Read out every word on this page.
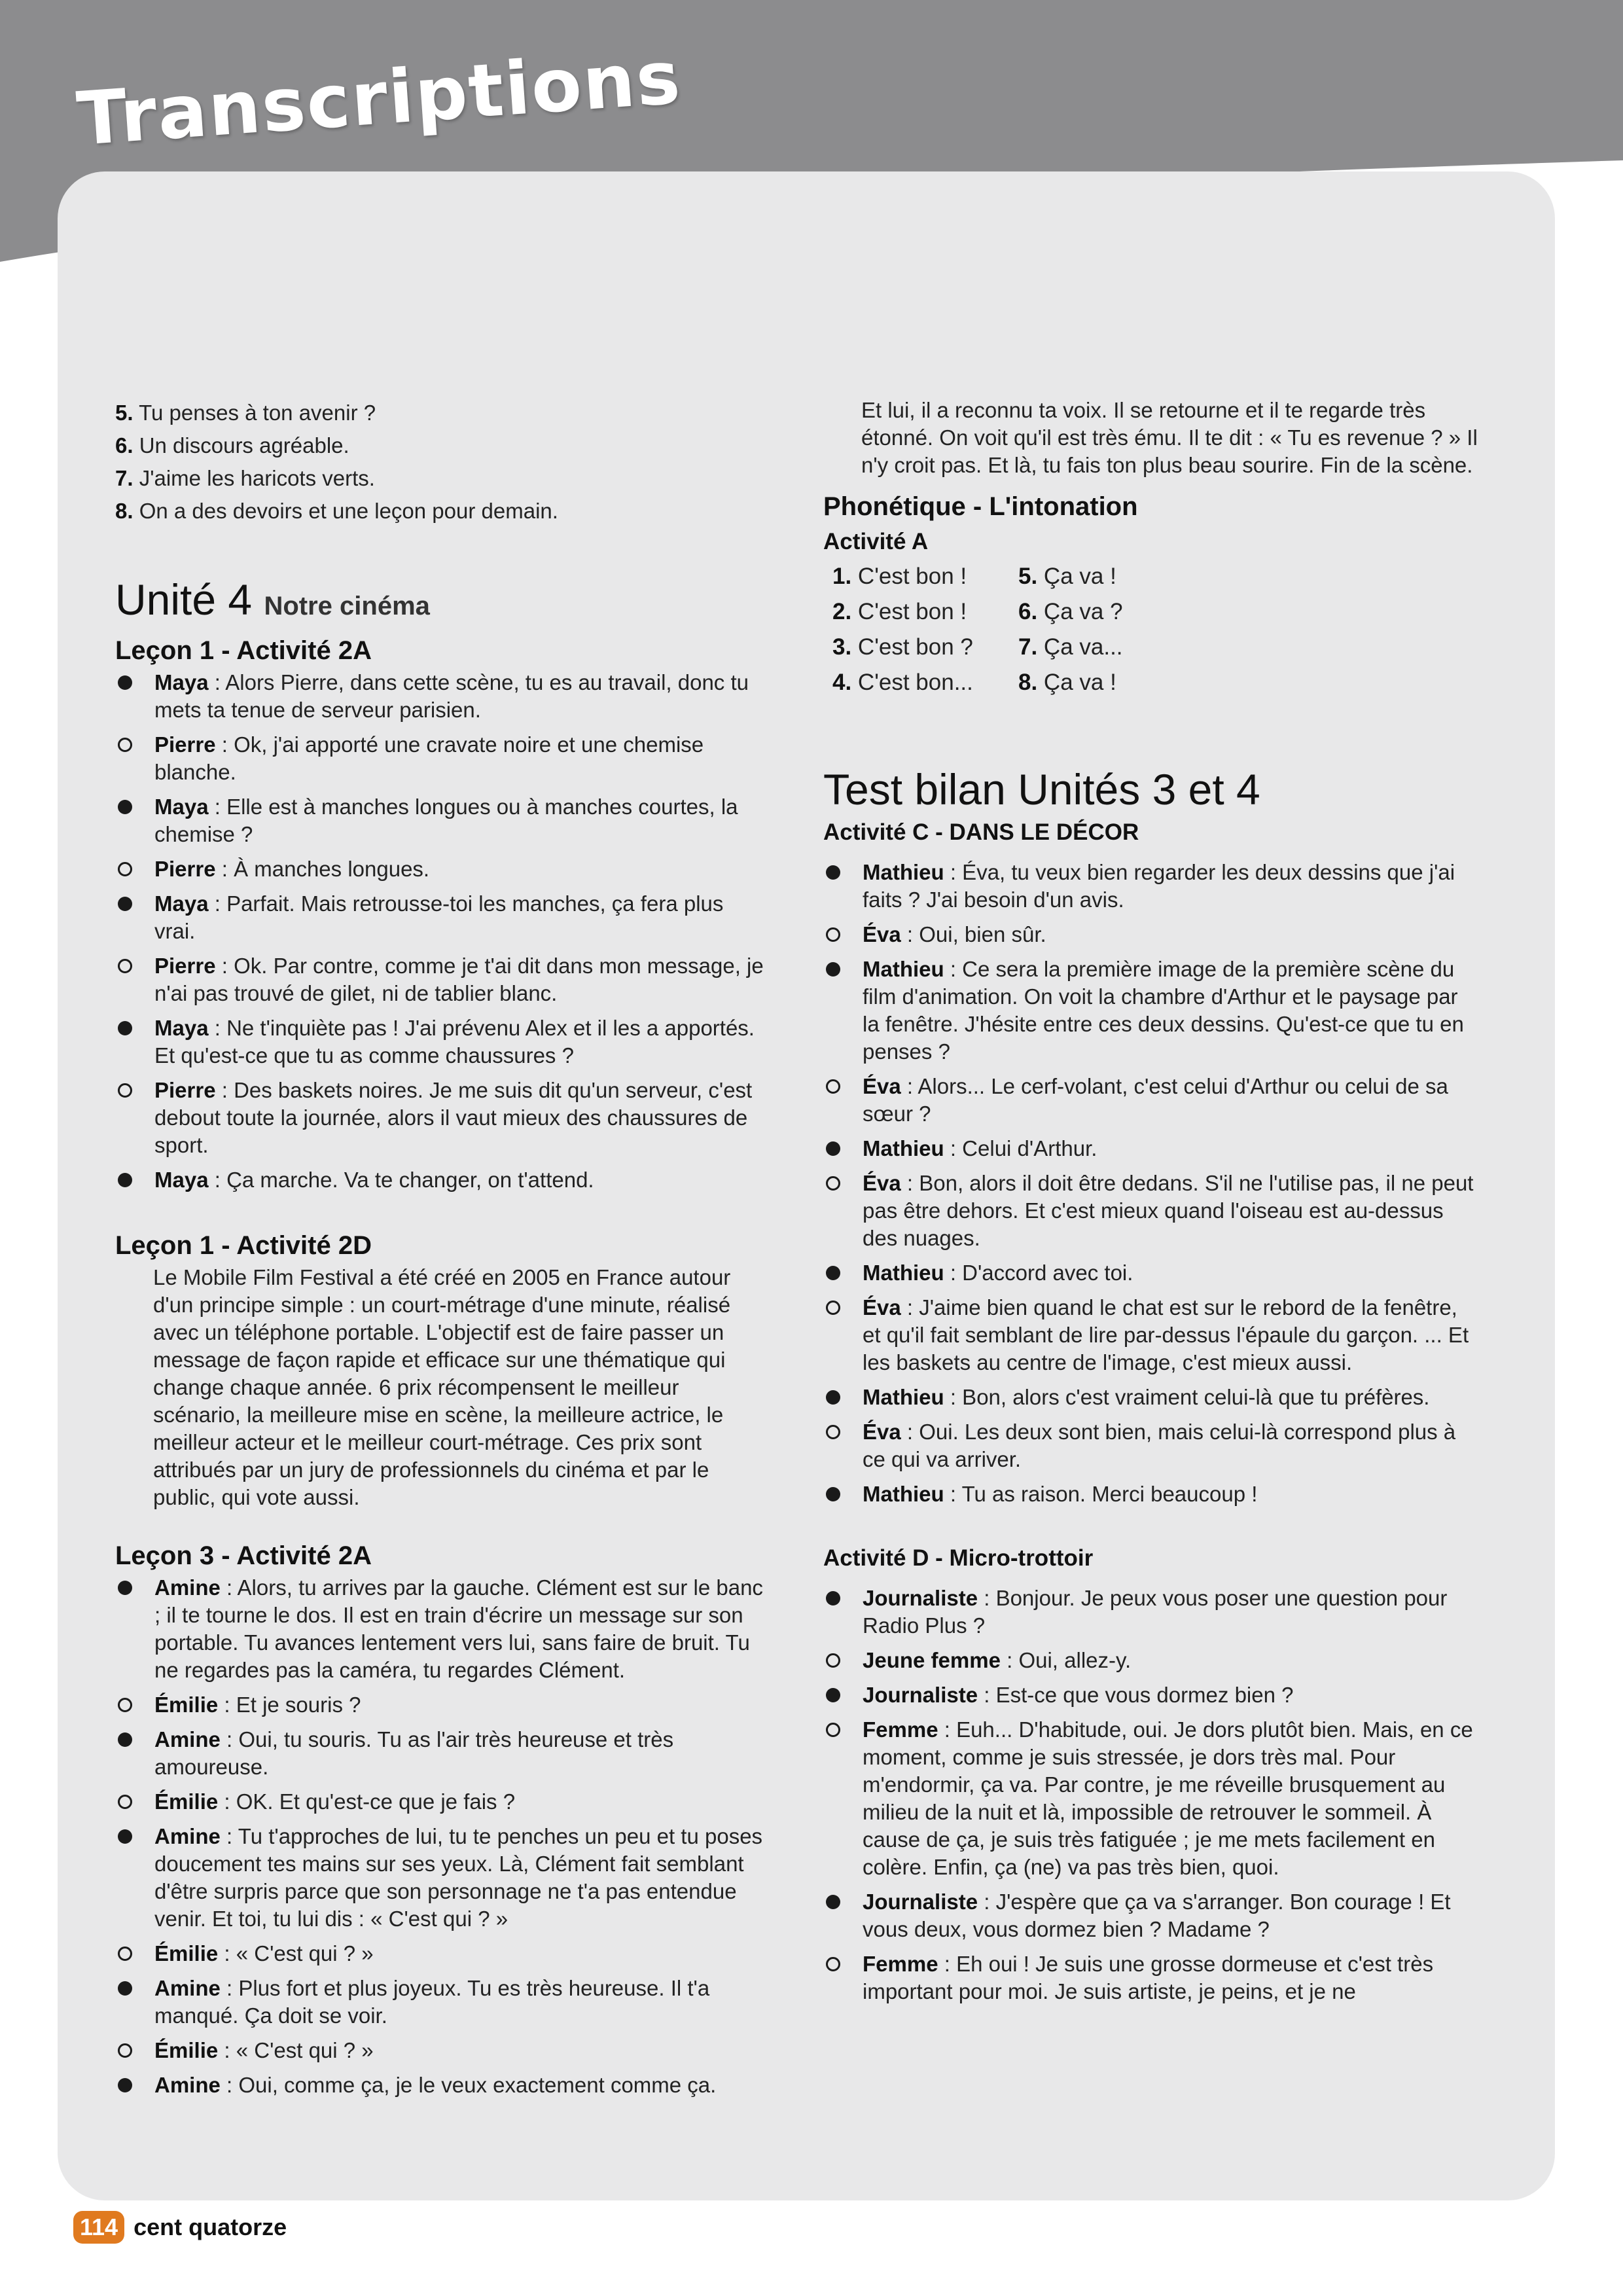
Transcriptions
5. Tu penses à ton avenir ?
6. Un discours agréable.
7. J'aime les haricots verts.
8. On a des devoirs et une leçon pour demain.
Unité 4 Notre cinéma
Leçon 1 - Activité 2A
Maya : Alors Pierre, dans cette scène, tu es au travail, donc tu mets ta tenue de serveur parisien.
Pierre : Ok, j'ai apporté une cravate noire et une chemise blanche.
Maya : Elle est à manches longues ou à manches courtes, la chemise ?
Pierre : À manches longues.
Maya : Parfait. Mais retrousse-toi les manches, ça fera plus vrai.
Pierre : Ok. Par contre, comme je t'ai dit dans mon message, je n'ai pas trouvé de gilet, ni de tablier blanc.
Maya : Ne t'inquiète pas ! J'ai prévenu Alex et il les a apportés. Et qu'est-ce que tu as comme chaussures ?
Pierre : Des baskets noires. Je me suis dit qu'un serveur, c'est debout toute la journée, alors il vaut mieux des chaussures de sport.
Maya : Ça marche. Va te changer, on t'attend.
Leçon 1 - Activité 2D

Le Mobile Film Festival a été créé en 2005 en France autour d'un principe simple : un court-métrage d'une minute, réalisé avec un téléphone portable. L'objectif est de faire passer un message de façon rapide et efficace sur une thématique qui change chaque année. 6 prix récompensent le meilleur scénario, la meilleure mise en scène, la meilleure actrice, le meilleur acteur et le meilleur court-métrage. Ces prix sont attribués par un jury de professionnels du cinéma et par le public, qui vote aussi.

Leçon 3 - Activité 2A
Amine : Alors, tu arrives par la gauche. Clément est sur le banc ; il te tourne le dos. Il est en train d'écrire un message sur son portable. Tu avances lentement vers lui, sans faire de bruit. Tu ne regardes pas la caméra, tu regardes Clément.
Émilie : Et je souris ?
Amine : Oui, tu souris. Tu as l'air très heureuse et très amoureuse.
Émilie : OK. Et qu'est-ce que je fais ?
Amine : Tu t'approches de lui, tu te penches un peu et tu poses doucement tes mains sur ses yeux. Là, Clément fait semblant d'être surpris parce que son personnage ne t'a pas entendue venir. Et toi, tu lui dis : « C'est qui ? »
Émilie : « C'est qui ? »
Amine : Plus fort et plus joyeux. Tu es très heureuse. Il t'a manqué. Ça doit se voir.
Émilie : « C'est qui ? »
Amine : Oui, comme ça, je le veux exactement comme ça.

Et lui, il a reconnu ta voix. Il se retourne et il te regarde très étonné. On voit qu'il est très ému. Il te dit : « Tu es revenue ? » Il n'y croit pas. Et là, tu fais ton plus beau sourire. Fin de la scène.

Phonétique - L'intonation
Activité A
1. C'est bon !	5. Ça va !
2. C'est bon !	6. Ça va ?
3. C'est bon ?	7. Ça va...
4. C'est bon...	8. Ça va !
Test bilan Unités 3 et 4
Activité C - DANS LE DÉCOR
Mathieu : Éva, tu veux bien regarder les deux dessins que j'ai faits ? J'ai besoin d'un avis.
Éva : Oui, bien sûr.
Mathieu : Ce sera la première image de la première scène du film d'animation. On voit la chambre d'Arthur et le paysage par la fenêtre. J'hésite entre ces deux dessins. Qu'est-ce que tu en penses ?
Éva : Alors... Le cerf-volant, c'est celui d'Arthur ou celui de sa sœur ?
Mathieu : Celui d'Arthur.
Éva : Bon, alors il doit être dedans. S'il ne l'utilise pas, il ne peut pas être dehors. Et c'est mieux quand l'oiseau est au-dessus des nuages.
Mathieu : D'accord avec toi.
Éva : J'aime bien quand le chat est sur le rebord de la fenêtre, et qu'il fait semblant de lire par-dessus l'épaule du garçon. ... Et les baskets au centre de l'image, c'est mieux aussi.
Mathieu : Bon, alors c'est vraiment celui-là que tu préfères.
Éva : Oui. Les deux sont bien, mais celui-là correspond plus à ce qui va arriver.
Mathieu : Tu as raison. Merci beaucoup !
Activité D - Micro-trottoir
Journaliste : Bonjour. Je peux vous poser une question pour Radio Plus ?
Jeune femme : Oui, allez-y.
Journaliste : Est-ce que vous dormez bien ?
Femme : Euh... D'habitude, oui. Je dors plutôt bien. Mais, en ce moment, comme je suis stressée, je dors très mal. Pour m'endormir, ça va. Par contre, je me réveille brusquement au milieu de la nuit et là, impossible de retrouver le sommeil. À cause de ça, je suis très fatiguée ; je me mets facilement en colère. Enfin, ça (ne) va pas très bien, quoi.
Journaliste : J'espère que ça va s'arranger. Bon courage ! Et vous deux, vous dormez bien ? Madame ?
Femme : Eh oui ! Je suis une grosse dormeuse et c'est très important pour moi. Je suis artiste, je peins, et je ne
114 cent quatorze
